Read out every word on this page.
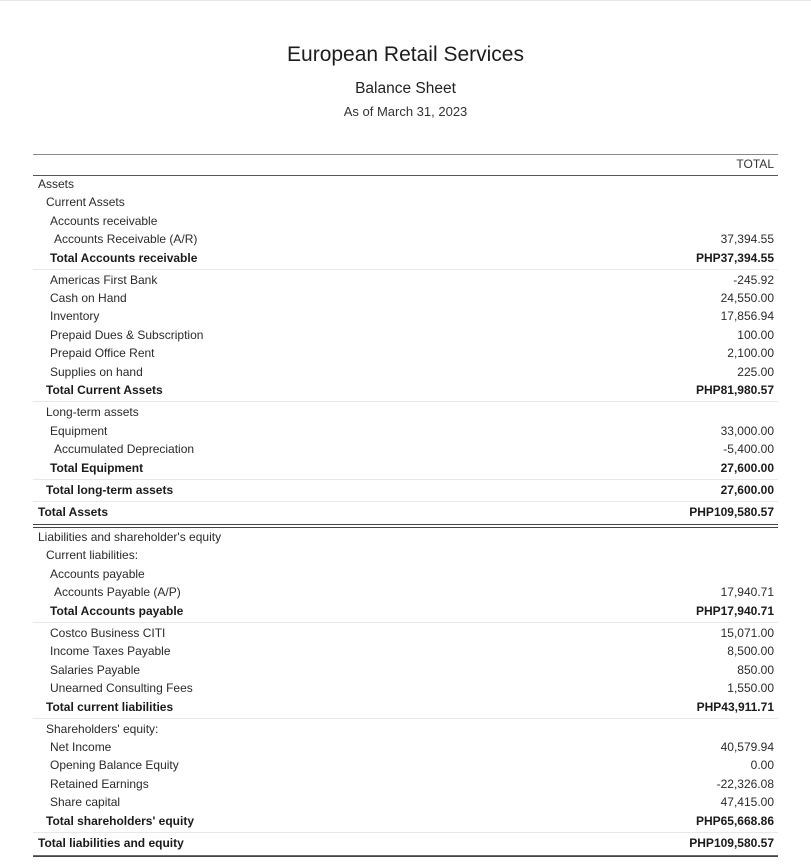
European Retail Services
Balance Sheet
As of March 31, 2023
TOTAL
Assets
Current Assets
Accounts receivable
Accounts Receivable (A/R)	37,394.55
Total Accounts receivable	PHP37,394.55
Americas First Bank	-245.92
Cash on Hand	24,550.00
Inventory	17,856.94
Prepaid Dues & Subscription	100.00
Prepaid Office Rent	2,100.00
Supplies on hand	225.00
Total Current Assets	PHP81,980.57
Long-term assets
Equipment	33,000.00
Accumulated Depreciation	-5,400.00
Total Equipment	27,600.00
Total long-term assets	27,600.00
Total Assets	PHP109,580.57
Liabilities and shareholder's equity
Current liabilities:
Accounts payable
Accounts Payable (A/P)	17,940.71
Total Accounts payable	PHP17,940.71
Costco Business CITI	15,071.00
Income Taxes Payable	8,500.00
Salaries Payable	850.00
Unearned Consulting Fees	1,550.00
Total current liabilities	PHP43,911.71
Shareholders' equity:
Net Income	40,579.94
Opening Balance Equity	0.00
Retained Earnings	-22,326.08
Share capital	47,415.00
Total shareholders' equity	PHP65,668.86
Total liabilities and equity	PHP109,580.57
